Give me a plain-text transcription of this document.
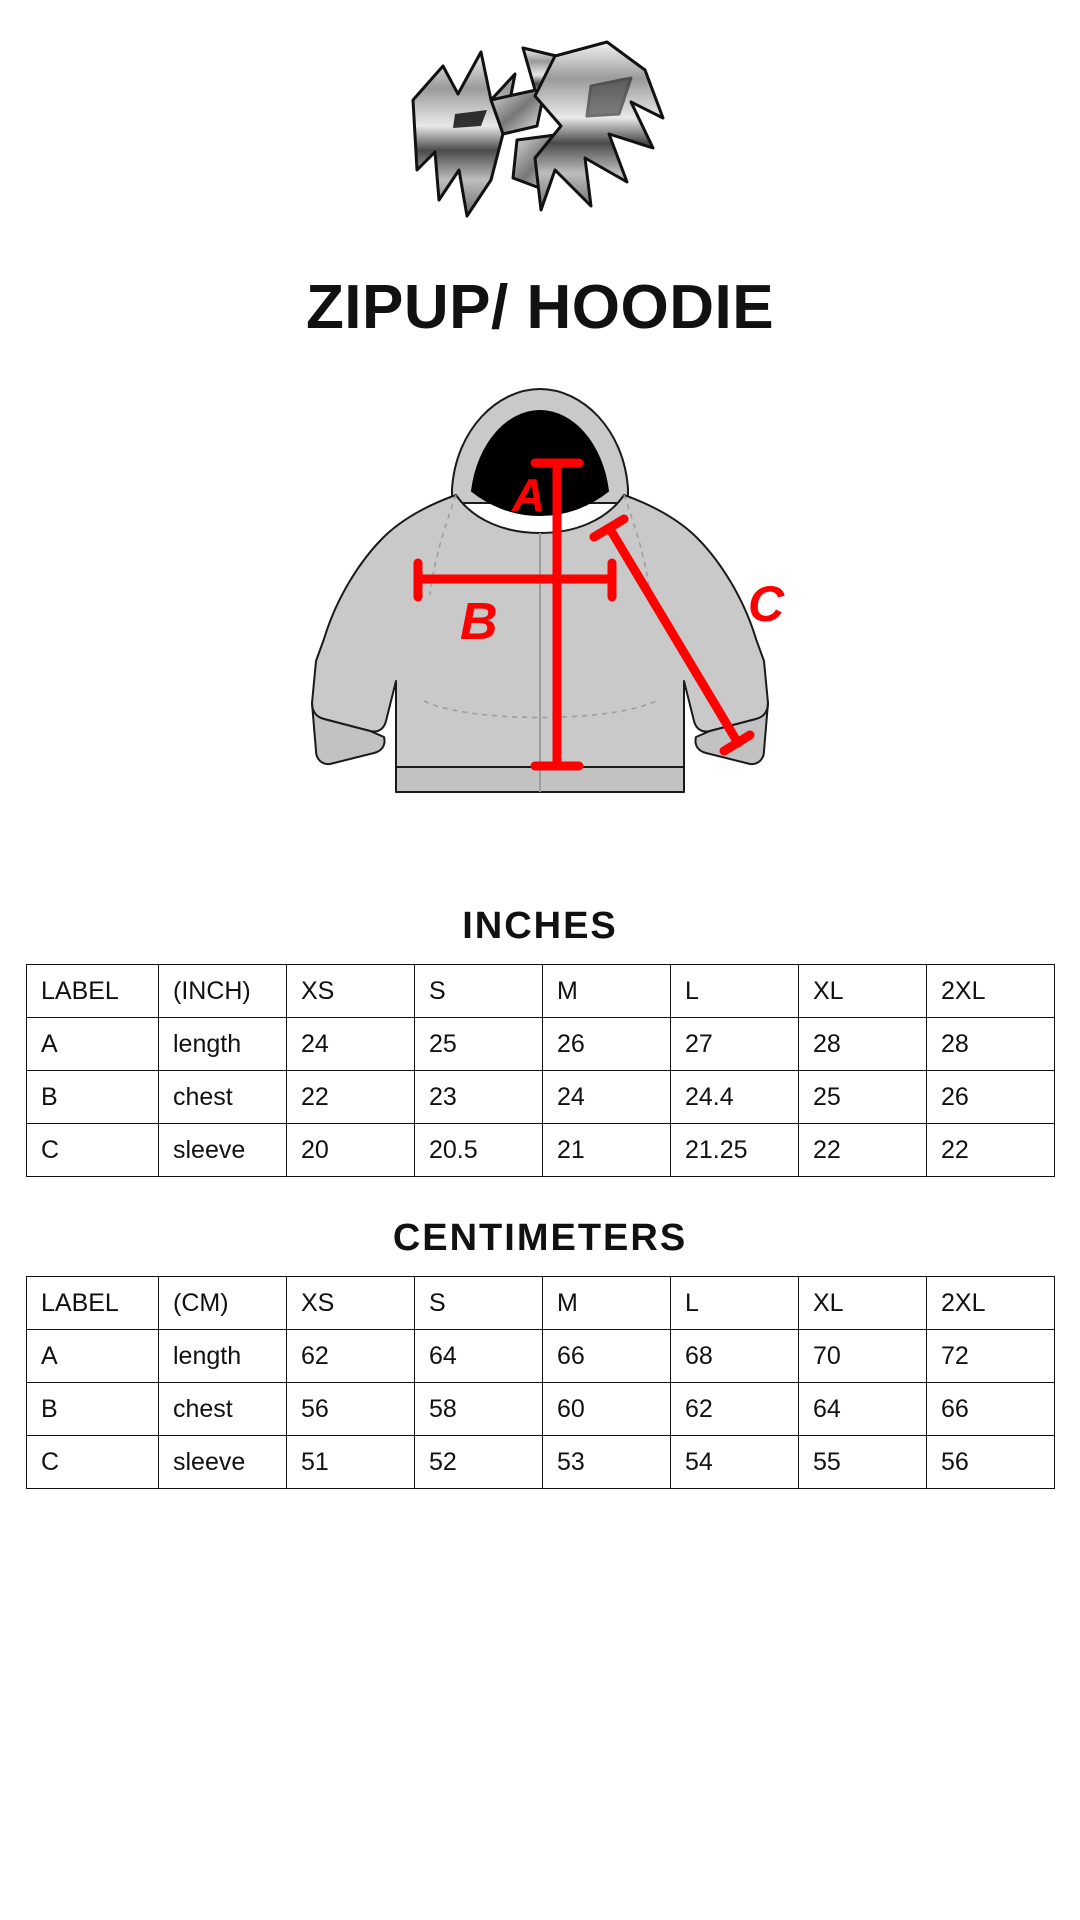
ZIPUP/ HOODIE
A
B	C
INCHES
LABEL	(INCH)	XS	S	M	L	XL	2XL
A	length	24	25	26	27	28	28
B	chest	22	23	24	24.4	25	26
C	sleeve	20	20.5	21	21.25	22	22
CENTIMETERS
LABEL	(CM)	XS	S	M	L	XL	2XL
A	length	62	64	66	68	70	72
B	chest	56	58	60	62	64	66
C	sleeve	51	52	53	54	55	56
